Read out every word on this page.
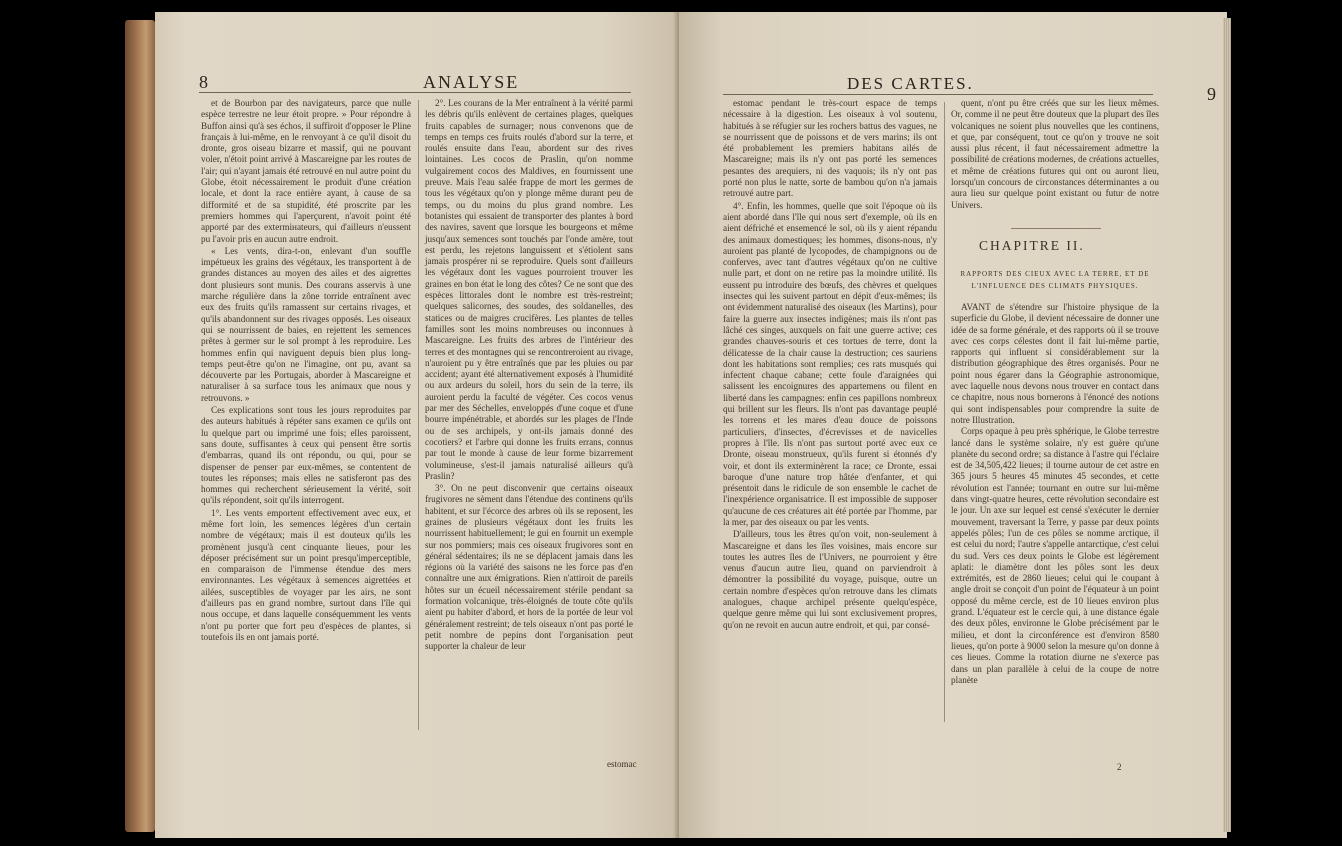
8	ANALYSE

et de Bourbon par des navigateurs, parce que nulle espèce terrestre ne leur étoit propre. » Pour répondre à Buffon ainsi qu'à ses échos, il suffiroit d'opposer le Pline français à lui-même, en le renvoyant à ce qu'il disoit du dronte, gros oiseau bizarre et massif, qui ne pouvant voler, n'étoit point arrivé à Mascareigne par les routes de l'air; qui n'ayant jamais été retrouvé en nul autre point du Globe, étoit nécessairement le produit d'une création locale, et dont la race entière ayant, à cause de sa difformité et de sa stupidité, été proscrite par les premiers hommes qui l'aperçurent, n'avoit point été apporté par des extermінateurs, qui d'ailleurs n'eussent pu l'avoir pris en aucun autre endroit.

« Les vents, dira-t-on, enlevant d'un souffle impétueux les grains des végétaux, les transportent à de grandes distances au moyen des ailes et des aigrettes dont plusieurs sont munis. Des courans asservis à une marche régulière dans la zône torride entraînent avec eux des fruits qu'ils ramassent sur certains rivages, et qu'ils abandonnent sur des rivages opposés. Les oiseaux qui se nourrissent de baies, en rejettent les semences prêtes à germer sur le sol prompt à les reproduire. Les hommes enfin qui naviguent depuis bien plus long-temps peut-être qu'on ne l'imagine, ont pu, avant sa découverte par les Portugais, aborder à Mascareigne et naturaliser à sa surface tous les animaux que nous y retrouvons. »

Ces explications sont tous les jours reproduites par des auteurs habitués à répéter sans examen ce qu'ils ont lu quelque part ou imprimé une fois; elles paroissent, sans doute, suffisantes à ceux qui pensent être sortis d'embarras, quand ils ont répondu, ou qui, pour se dispenser de penser par eux-mêmes, se contentent de toutes les réponses; mais elles ne satisferont pas des hommes qui recherchent sérieusement la vérité, soit qu'ils répondent, soit qu'ils interrogent.

1°. Les vents emportent effectivement avec eux, et même fort loin, les semences légères d'un certain nombre de végétaux; mais il est douteux qu'ils les promènent jusqu'à cent cinquante lieues, pour les déposer précisément sur un point presqu'imperceptible, en comparaison de l'immense étendue des mers environnantes. Les végétaux à semences aigrettées et ailées, susceptibles de voyager par les airs, ne sont d'ailleurs pas en grand nombre, surtout dans l'île qui nous occupe, et dans laquelle conséquemment les vents n'ont pu porter que fort peu d'espèces de plantes, si toutefois ils en ont jamais porté.

2°. Les courans de la Mer entraînent à la vérité parmi les débris qu'ils enlèvent de certaines plages, quelques fruits capables de surnager; nous convenons que de temps en temps ces fruits roulés d'abord sur la terre, et roulés ensuite dans l'eau, abordent sur des rives lointaines. Les cocos de Praslin, qu'on nomme vulgairement cocos des Maldives, en fournissent une preuve. Mais l'eau salée frappe de mort les germes de tous les végétaux qu'on y plonge même durant peu de temps, ou du moins du plus grand nombre. Les botanistes qui essaient de transporter des plantes à bord des navires, savent que lorsque les bourgeons et même jusqu'aux semences sont touchés par l'onde amère, tout est perdu, les rejetons languissent et s'étiolent sans jamais prospérer ni se reproduire. Quels sont d'ailleurs les végétaux dont les vagues pourroient trouver les graines en bon état le long des côtes? Ce ne sont que des espèces littorales dont le nombre est très-restreint; quelques salicornes, des soudes, des soldanelles, des statices ou de maigres crucifères. Les plantes de telles familles sont les moins nombreuses ou inconnues à Mascareigne. Les fruits des arbres de l'intérieur des terres et des montagnes qui se rencontreroient au rivage, n'auroient pu y être entraînés que par les pluies ou par accident; ayant été alternativement exposés à l'humidité ou aux ardeurs du soleil, hors du sein de la terre, ils auroient perdu la faculté de végéter. Ces cocos venus par mer des Séchelles, enveloppés d'une coque et d'une bourre impénétrable, et abordés sur les plages de l'Inde ou de ses archipels, y ont-ils jamais donné des cocotiers? et l'arbre qui donne les fruits errans, connus par tout le monde à cause de leur forme bizarrement volumineuse, s'est-il jamais naturalisé ailleurs qu'à Praslin?

3°. On ne peut disconvenir que certains oiseaux frugivores ne sèment dans l'étendue des continens qu'ils habitent, et sur l'écorce des arbres où ils se reposent, les graines de plusieurs végétaux dont les fruits les nourrissent habituellement; le gui en fournit un exemple sur nos pommiers; mais ces oiseaux frugivores sont en général sédentaires; ils ne se déplacent jamais dans les régions où la variété des saisons ne les force pas d'en connaître une aux émigrations. Rien n'attiroit de pareils hôtes sur un écueil nécessairement stérile pendant sa formation volcanique, très-éloignés de toute côte qu'ils aient pu habiter d'abord, et hors de la portée de leur vol généralement restreint; de tels oiseaux n'ont pas porté le petit nombre de pepins dont l'organisation peut supporter la chaleur de leur

estomac
DES CARTES.
9

estomac pendant le très-court espace de temps nécessaire à la digestion. Les oiseaux à vol soutenu, habitués à se réfugier sur les rochers battus des vagues, ne se nourrissent que de poissons et de vers marins; ils ont été probablement les premiers habitans ailés de Mascareigne; mais ils n'y ont pas porté les semences pesantes des arequiers, ni des vaquois; ils n'y ont pas porté non plus le natte, sorte de bambou qu'on n'a jamais retrouvé autre part.

4°. Enfin, les hommes, quelle que soit l'époque où ils aient abordé dans l'île qui nous sert d'exemple, où ils en aient défriché et ensemencé le sol, où ils y aient répandu des animaux domestiques; les hommes, disons-nous, n'y auroient pas planté de lycopodes, de champignons ou de conferves, avec tant d'autres végétaux qu'on ne cultive nulle part, et dont on ne retire pas la moindre utilité. Ils eussent pu introduire des bœufs, des chèvres et quelques insectes qui les suivent partout en dépit d'eux-mêmes; ils ont évidemment naturalisé des oiseaux (les Martins), pour faire la guerre aux insectes indigènes; mais ils n'ont pas lâché ces singes, auxquels on fait une guerre active; ces grandes chauves-souris et ces tortues de terre, dont la délicatesse de la chair cause la destruction; ces sauriens dont les habitations sont remplies; ces rats musqués qui infectent chaque cabane; cette foule d'araignées qui salissent les encoignures des appartemens ou filent en liberté dans les campagnes: enfin ces papillons nombreux qui brillent sur les fleurs. Ils n'ont pas davantage peuplé les torrens et les mares d'eau douce de poissons particuliers, d'insectes, d'écrevisses et de navicelles propres à l'île. Ils n'ont pas surtout porté avec eux ce Dronte, oiseau monstrueux, qu'ils furent si étonnés d'y voir, et dont ils exterminèrent la race; ce Dronte, essai baroque d'une nature trop hâtée d'enfanter, et qui présentoit dans le ridicule de son ensemble le cachet de l'inexpérience organisatrice. Il est impossible de supposer qu'aucune de ces créatures ait été portée par l'homme, par la mer, par des oiseaux ou par les vents.

D'ailleurs, tous les êtres qu'on voit, non-seulement à Mascareigne et dans les îles voisines, mais encore sur toutes les autres îles de l'Univers, ne pourroient y être venus d'aucun autre lieu, quand on parviendroit à démontrer la possibilité du voyage, puisque, outre un certain nombre d'espèces qu'on retrouve dans les climats analogues, chaque archipel présente quelqu'espèce, quelque genre même qui lui sont exclusivement propres, qu'on ne revoit en aucun autre endroit, et qui, par consé-

quent, n'ont pu être créés que sur les lieux mêmes. Or, comme il ne peut être douteux que la plupart des îles volcaniques ne soient plus nouvelles que les continens, et que, par conséquent, tout ce qu'on y trouve ne soit aussi plus récent, il faut nécessairement admettre la possibilité de créations modernes, de créations actuelles, et même de créations futures qui ont ou auront lieu, lorsqu'un concours de circonstances déterminantes a ou aura lieu sur quelque point existant ou futur de notre Univers.

CHAPITRE II.
RAPPORTS DES CIEUX AVEC LA TERRE, ET DE L'INFLUENCE DES CLIMATS PHYSIQUES.

AVANT de s'étendre sur l'histoire physique de la superficie du Globe, il devient nécessaire de donner une idée de sa forme générale, et des rapports où il se trouve avec ces corps célestes dont il fait lui-même partie, rapports qui influent si considérablement sur la distribution géographique des êtres organisés. Pour ne point nous égarer dans la Géographie astronomique, avec laquelle nous devons nous trouver en contact dans ce chapitre, nous nous bornerons à l'énoncé des notions qui sont indispensables pour comprendre la suite de notre Illustration.

Corps opaque à peu près sphérique, le Globe terrestre lancé dans le système solaire, n'y est guère qu'une planète du second ordre; sa distance à l'astre qui l'éclaire est de 34,505,422 lieues; il tourne autour de cet astre en 365 jours 5 heures 45 minutes 45 secondes, et cette révolution est l'année; tournant en outre sur lui-même dans vingt-quatre heures, cette révolution secondaire est le jour. Un axe sur lequel est censé s'exécuter le dernier mouvement, traversant la Terre, y passe par deux points appelés pôles; l'un de ces pôles se nomme arctique, il est celui du nord; l'autre s'appelle antarctique, c'est celui du sud. Vers ces deux points le Globe est légèrement aplati: le diamètre dont les pôles sont les deux extrémités, est de 2860 lieues; celui qui le coupant à angle droit se conçoit d'un point de l'équateur à un point opposé du même cercle, est de 10 lieues environ plus grand. L'équateur est le cercle qui, à une distance égale des deux pôles, environne le Globe précisément par le milieu, et dont la circonférence est d'environ 8580 lieues, qu'on porte à 9000 selon la mesure qu'on donne à ces lieues. Comme la rotation diurne ne s'exerce pas dans un plan parallèle à celui de la coupe de notre planète

2
